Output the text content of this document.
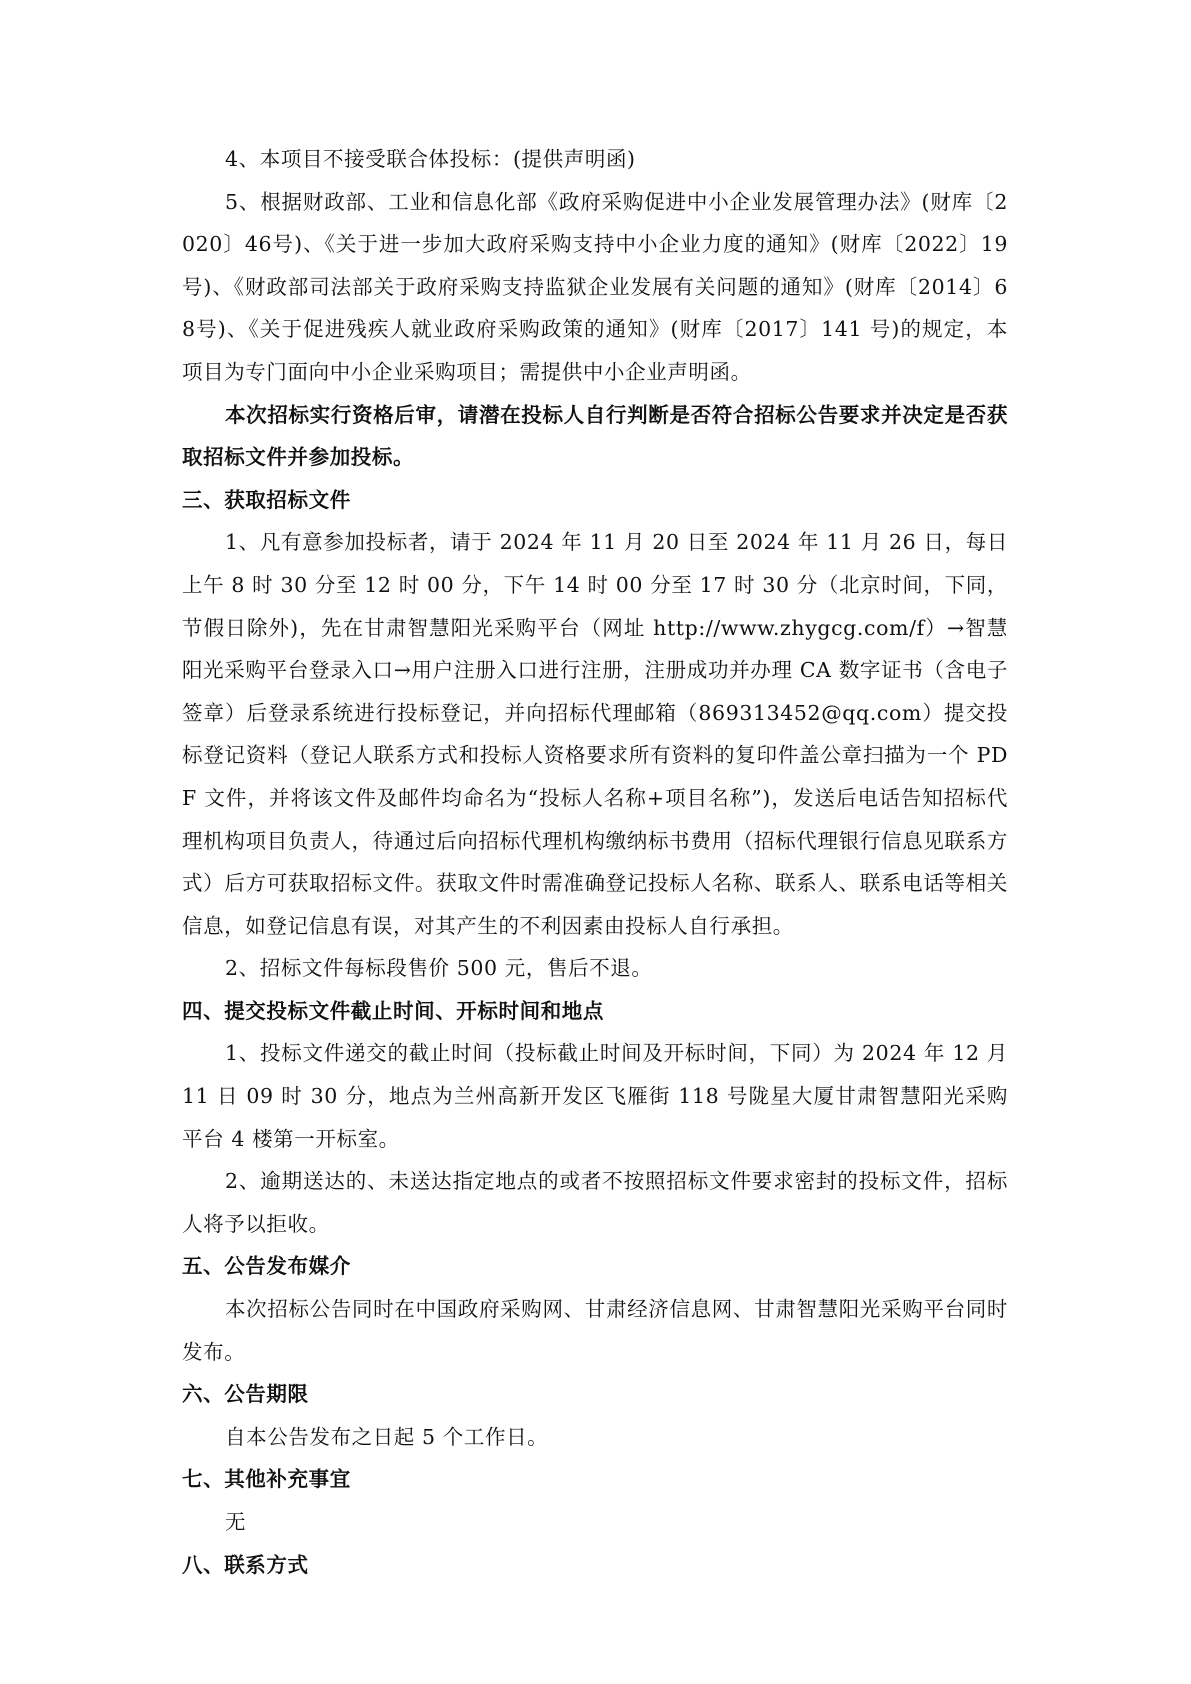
4、本项目不接受联合体投标：(提供声明函)

5、根据财政部、工业和信息化部《政府采购促进中小企业发展管理办法》(财库〔2020〕46号)、《关于进一步加大政府采购支持中小企业力度的通知》(财库〔2022〕19号)、《财政部司法部关于政府采购支持监狱企业发展有关问题的通知》(财库〔2014〕68号)、《关于促进残疾人就业政府采购政策的通知》(财库〔2017〕141 号)的规定，本项目为专门面向中小企业采购项目；需提供中小企业声明函。

本次招标实行资格后审，请潜在投标人自行判断是否符合招标公告要求并决定是否获取招标文件并参加投标。

三、获取招标文件

1、凡有意参加投标者，请于 2024 年 11 月 20 日至 2024 年 11 月 26 日，每日上午 8 时 30 分至 12 时 00 分，下午 14 时 00 分至 17 时 30 分（北京时间，下同，节假日除外)，先在甘肃智慧阳光采购平台（网址 http://www.zhygcg.com/f）→智慧阳光采购平台登录入口→用户注册入口进行注册，注册成功并办理 CA 数字证书（含电子签章）后登录系统进行投标登记，并向招标代理邮箱（869313452@qq.com）提交投标登记资料（登记人联系方式和投标人资格要求所有资料的复印件盖公章扫描为一个 PDF 文件，并将该文件及邮件均命名为“投标人名称+项目名称”)，发送后电话告知招标代理机构项目负责人，待通过后向招标代理机构缴纳标书费用（招标代理银行信息见联系方式）后方可获取招标文件。获取文件时需准确登记投标人名称、联系人、联系电话等相关信息，如登记信息有误，对其产生的不利因素由投标人自行承担。

2、招标文件每标段售价 500 元，售后不退。

四、提交投标文件截止时间、开标时间和地点

1、投标文件递交的截止时间（投标截止时间及开标时间，下同）为 2024 年 12 月 11 日 09 时 30 分，地点为兰州高新开发区飞雁街 118 号陇星大厦甘肃智慧阳光采购平台 4 楼第一开标室。

2、逾期送达的、未送达指定地点的或者不按照招标文件要求密封的投标文件，招标人将予以拒收。

五、公告发布媒介

本次招标公告同时在中国政府采购网、甘肃经济信息网、甘肃智慧阳光采购平台同时发布。

六、公告期限

自本公告发布之日起 5 个工作日。

七、其他补充事宜

无

八、联系方式
